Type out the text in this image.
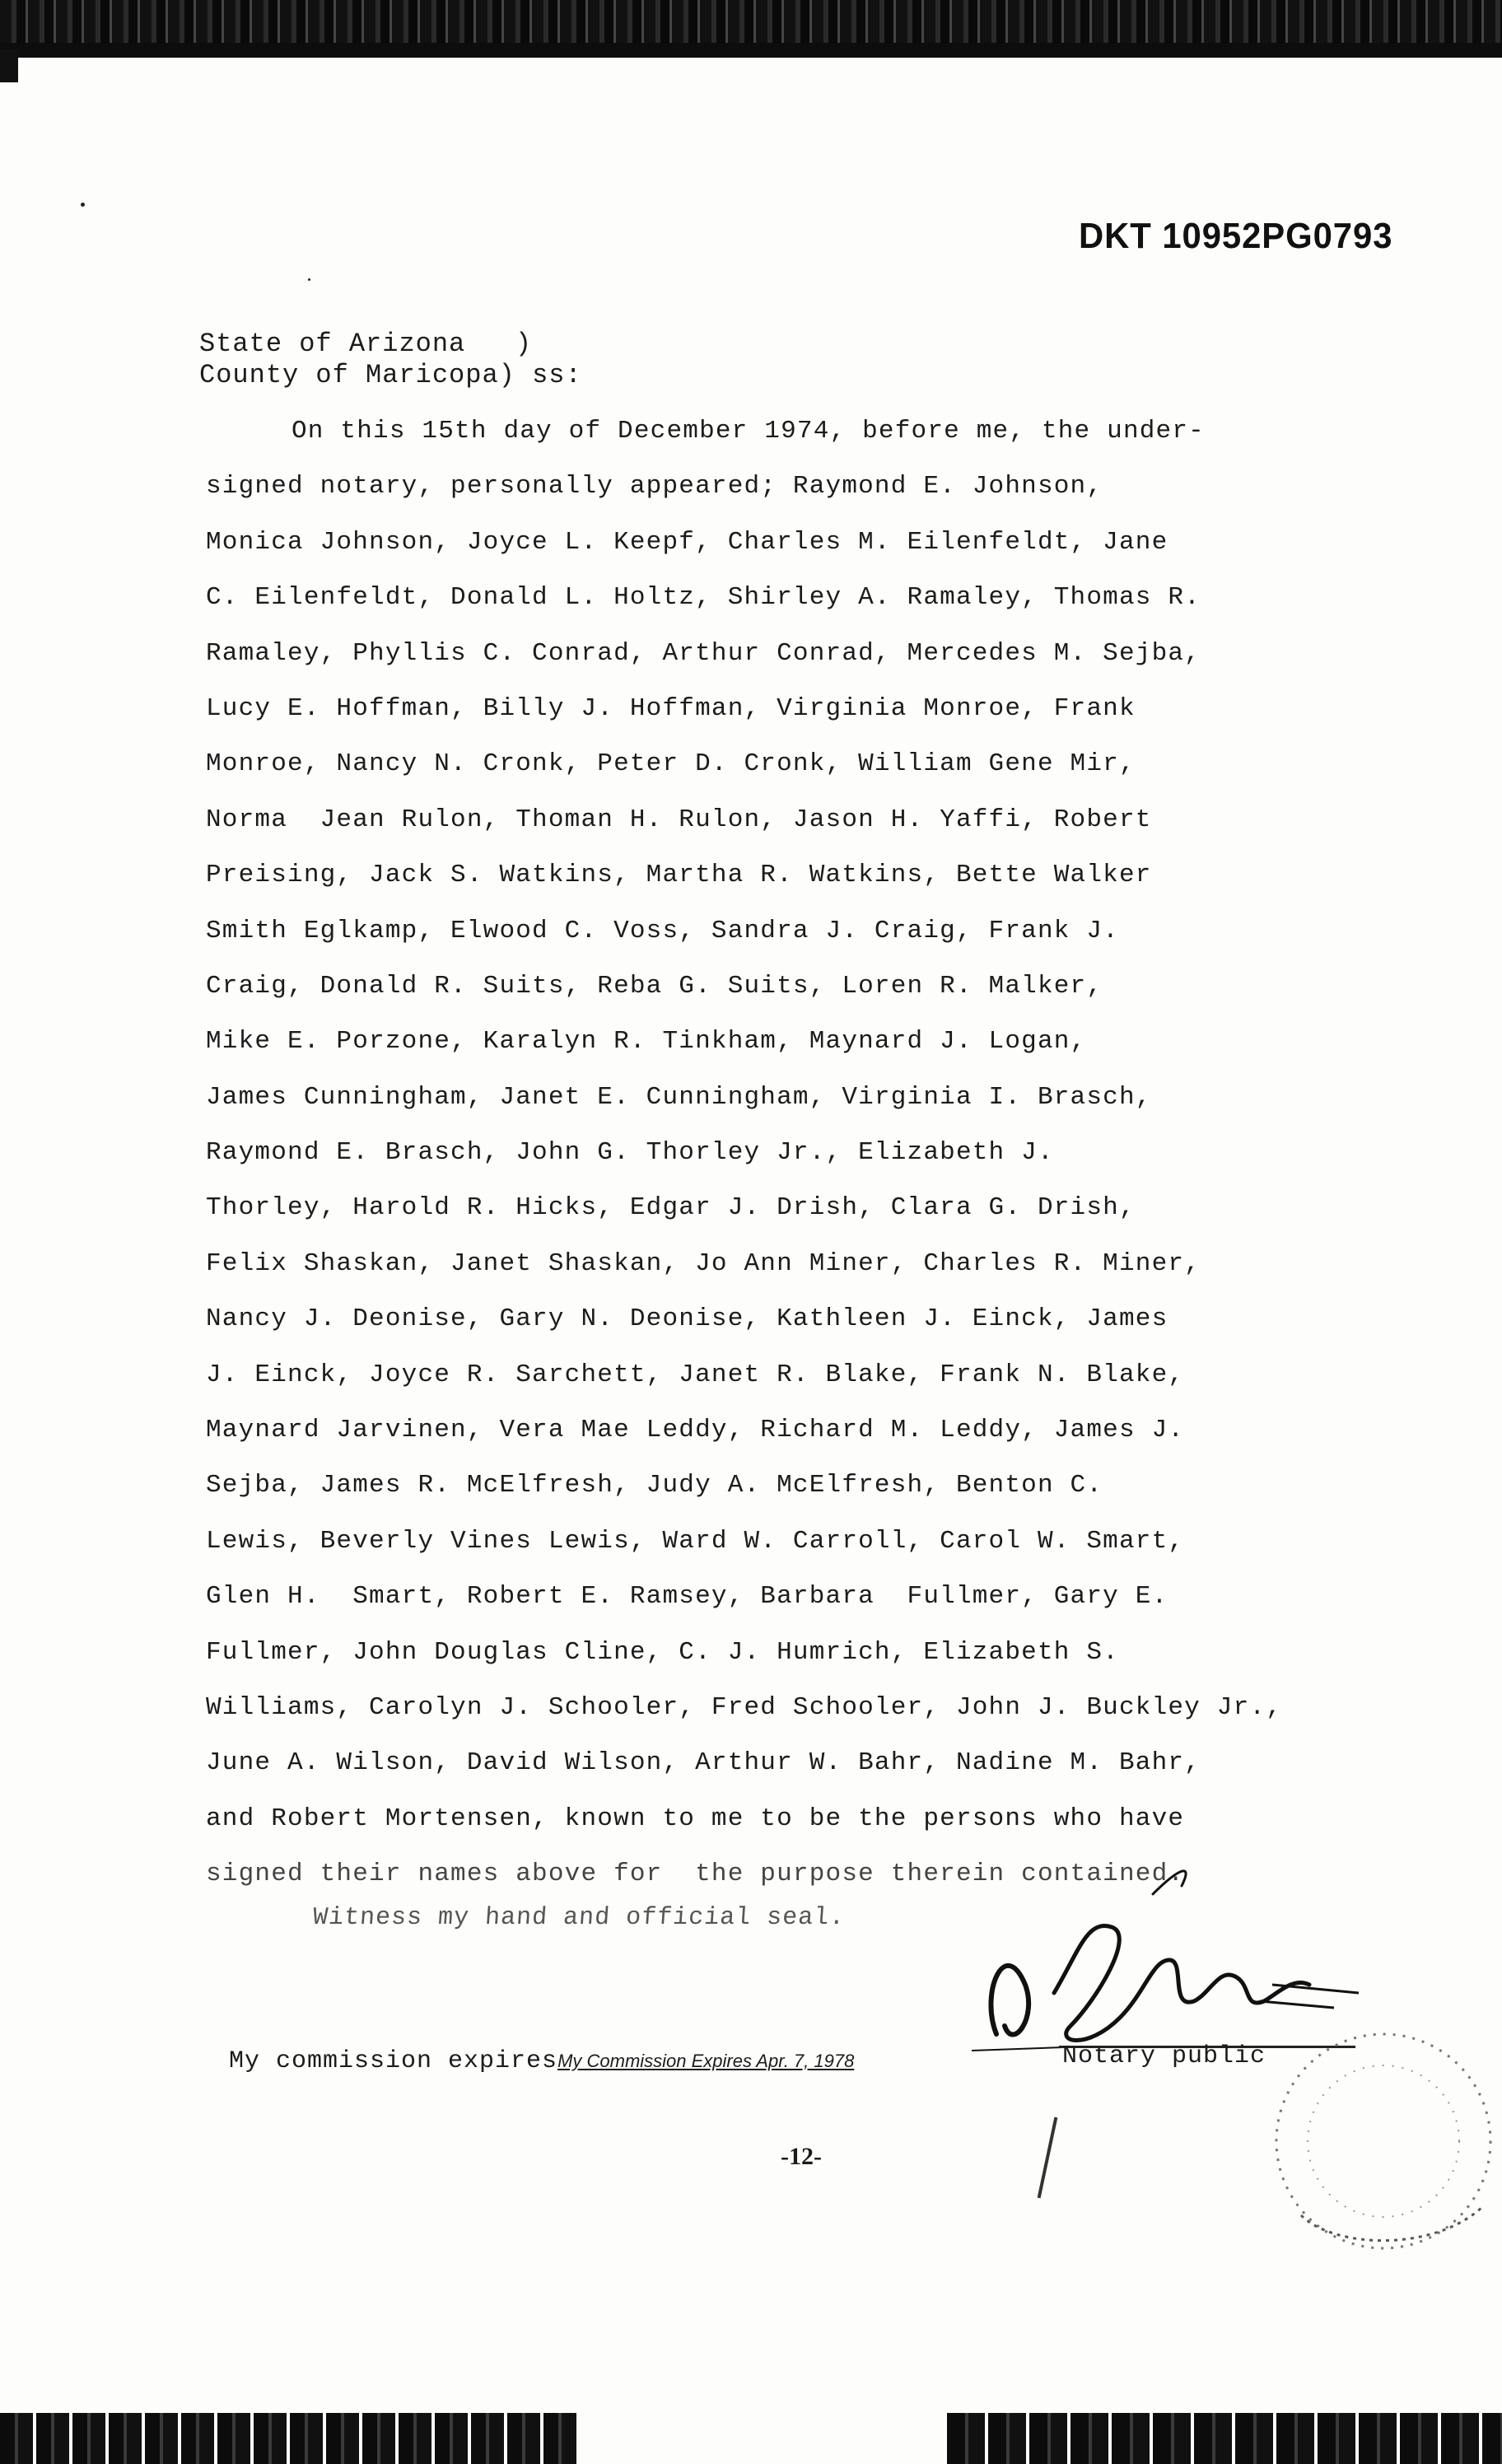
DKT 10952PG0793
State of Arizona   )
County of Maricopa) ss:
On this 15th day of December 1974, before me, the under-
signed notary, personally appeared; Raymond E. Johnson,
Monica Johnson, Joyce L. Keepf, Charles M. Eilenfeldt, Jane
C. Eilenfeldt, Donald L. Holtz, Shirley A. Ramaley, Thomas R.
Ramaley, Phyllis C. Conrad, Arthur Conrad, Mercedes M. Sejba,
Lucy E. Hoffman, Billy J. Hoffman, Virginia Monroe, Frank
Monroe, Nancy N. Cronk, Peter D. Cronk, William Gene Mir,
Norma  Jean Rulon, Thoman H. Rulon, Jason H. Yaffi, Robert
Preising, Jack S. Watkins, Martha R. Watkins, Bette Walker
Smith Eglkamp, Elwood C. Voss, Sandra J. Craig, Frank J.
Craig, Donald R. Suits, Reba G. Suits, Loren R. Malker,
Mike E. Porzone, Karalyn R. Tinkham, Maynard J. Logan,
James Cunningham, Janet E. Cunningham, Virginia I. Brasch,
Raymond E. Brasch, John G. Thorley Jr., Elizabeth J.
Thorley, Harold R. Hicks, Edgar J. Drish, Clara G. Drish,
Felix Shaskan, Janet Shaskan, Jo Ann Miner, Charles R. Miner,
Nancy J. Deonise, Gary N. Deonise, Kathleen J. Einck, James
J. Einck, Joyce R. Sarchett, Janet R. Blake, Frank N. Blake,
Maynard Jarvinen, Vera Mae Leddy, Richard M. Leddy, James J.
Sejba, James R. McElfresh, Judy A. McElfresh, Benton C.
Lewis, Beverly Vines Lewis, Ward W. Carroll, Carol W. Smart,
Glen H.  Smart, Robert E. Ramsey, Barbara  Fullmer, Gary E.
Fullmer, John Douglas Cline, C. J. Humrich, Elizabeth S.
Williams, Carolyn J. Schooler, Fred Schooler, John J. Buckley Jr.,
June A. Wilson, David Wilson, Arthur W. Bahr, Nadine M. Bahr,
and Robert Mortensen, known to me to be the persons who have
signed their names above for  the purpose therein contained.
Witness my hand and official seal.
My commission expiresMy Commission Expires Apr. 7, 1978	Notary public
-12-
